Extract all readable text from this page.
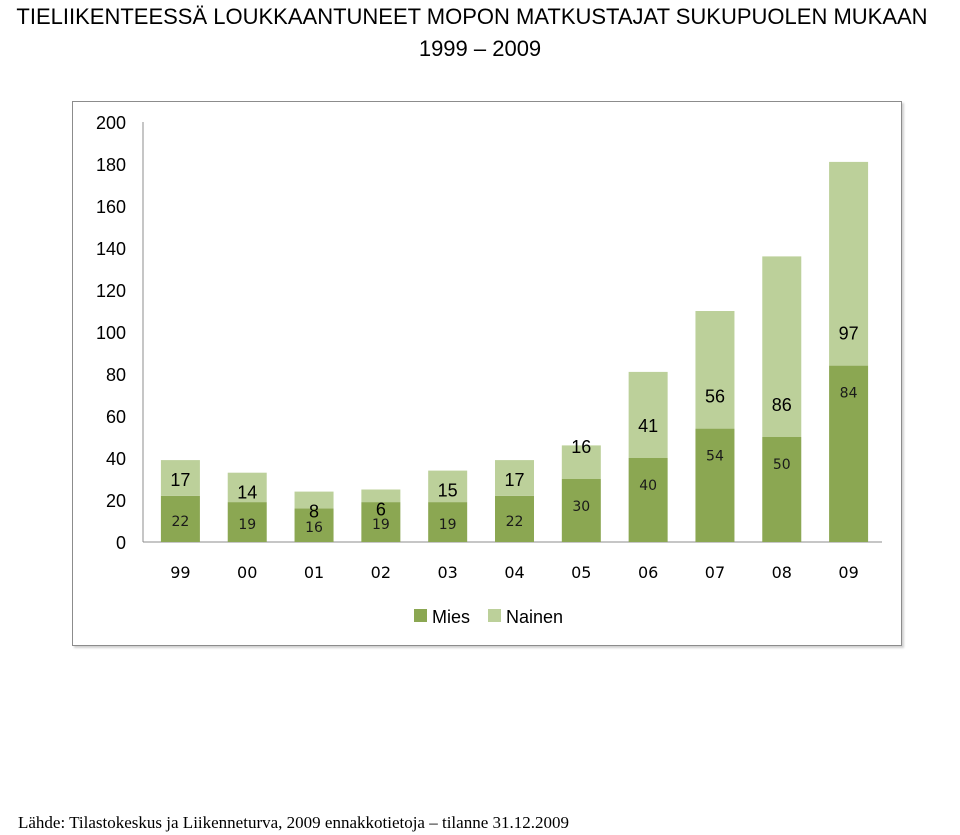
TIELIIKENTEESSÄ LOUKKAANTUNEET MOPON MATKUSTAJAT SUKUPUOLEN MUKAAN
1999 – 2009
0
20
40
60
80
100
120
140
160
180
200
99
22
17
00
19
14
01
16
8
02
19
6
03
19
15
04
22
17
05
30
16
06
40
41
07
54
56
08
50
86
09
84
97
Mies Nainen
Lähde: Tilastokeskus ja Liikenneturva, 2009 ennakkotietoja – tilanne 31.12.2009
